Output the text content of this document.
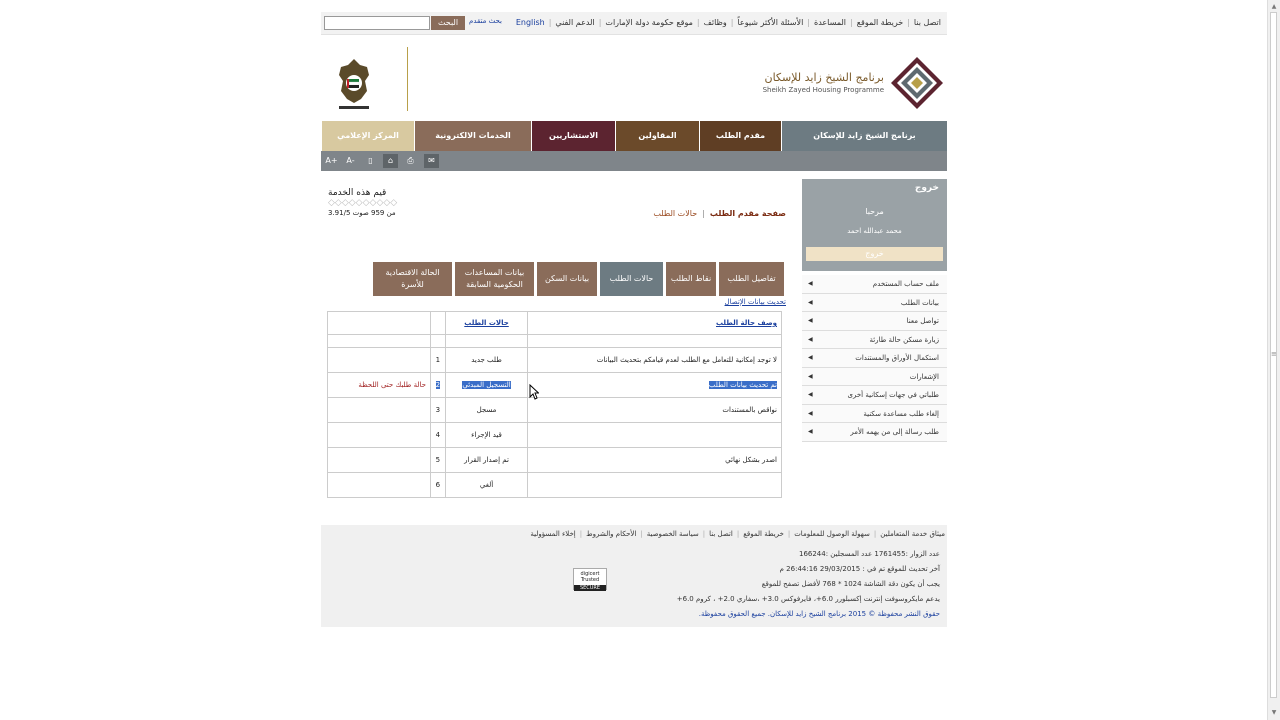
اتصل بنا
|
خريطة الموقع
|
المساعدة
|
الأسئلة الأكثر شيوعاً
|
وظائف
|
موقع حكومة دولة الإمارات
|
الدعم الفني
|
English
البحث	بحث متقدم
برنامج الشيخ زايد للإسكان
Sheikh Zayed Housing Programme
برنامج الشيخ زايد للإسكان
مقدم الطلب
المقاولين
الاستشاريين
الخدمات الالكترونية
المركز الإعلامي
✉
⎙
⌂
▯
A-
A+
خروج
مرحبا
محمد عبدالله احمد
خروج
ملف حساب المستخدم
◀
بيانات الطلب
◀
تواصل معنا
◀
زيارة مسكن حالة طارئة
◀
استكمال الأوراق والمستندات
◀
الإشعارات
◀
طلباتي في جهات إسكانية أخرى
◀
إلغاء طلب مساعدة سكنية
◀
طلب رسالة إلى من يهمه الأمر
◀
قيم هذه الخدمة
◇◇◇◇◇◇◇◇◇◇
3.91/5 من 959 صوت	صفحة مقدم الطلب|حالات الطلب
تفاصيل الطلب
نقاط الطلب
حالات الطلب
بيانات السكن
بيانات المساعدات الحكومية السابقة
الحالة الاقتصادية للأسرة
تحديث بيانات الإتصال
وصف حالة الطلب	حالات الطلب		

لا توجد إمكانية للتعامل مع الطلب لعدم قيامكم بتحديث البيانات	طلب جديد	1	
تم تحديث بيانات الطلب	التسجيل المبدئي	2	حالة طلبك حتى اللحظة
نواقص بالمستندات	مسجل	3	
	قيد الإجراء	4	
اصدر بشكل نهائي	تم إصدار القرار	5	
	ألغي	6	
ميثاق خدمة المتعاملين
|
سهولة الوصول للمعلومات
|
خريطة الموقع
|
اتصل بنا
|
سياسة الخصوصية
|
الأحكام والشروط
|
إخلاء المسؤولية
عدد الزوار :1761455 عدد المسجلين :166244
آخر تحديث للموقع تم في : 29/03/2015 26:44:16 م
يجب أن يكون دقة الشاشة 1024 * 768 لأفضل تصفح للموقع
يدعم مايكروسوفت إنترنت إكسبلورر 6.0+، فايرفوكس 3.0+ ،سفاري 2.0+ ، كروم 6.0+
حقوق النشر محفوظة © 2015 برنامج الشيخ زايد للإسكان. جميع الحقوق محفوظة.
digicert
Trusted
SECURE
▲
≡
▼
